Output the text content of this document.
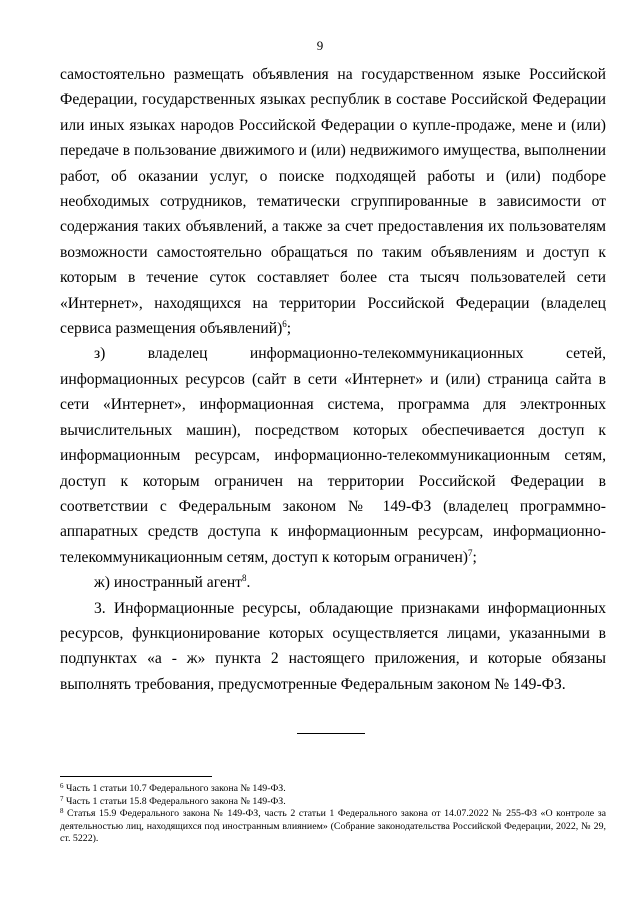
9

самостоятельно размещать объявления на государственном языке Российской Федерации, государственных языках республик в составе Российской Федерации или иных языках народов Российской Федерации о купле-продаже, мене и (или) передаче в пользование движимого и (или) недвижимого имущества, выполнении работ, об оказании услуг, о поиске подходящей работы и (или) подборе необходимых сотрудников, тематически сгруппированные в зависимости от содержания таких объявлений, а также за счет предоставления их пользователям возможности самостоятельно обращаться по таким объявлениям и доступ к которым в течение суток составляет более ста тысяч пользователей сети «Интернет», находящихся на территории Российской Федерации (владелец сервиса размещения объявлений)$^6$;

з) владелец информационно-телекоммуникационных сетей, информационных ресурсов (сайт в сети «Интернет» и (или) страница сайта в сети «Интернет», информационная система, программа для электронных вычислительных машин), посредством которых обеспечивается доступ к информационным ресурсам, информационно-телекоммуникационным сетям, доступ к которым ограничен на территории Российской Федерации в соответствии с Федеральным законом № 149-ФЗ (владелец программно-аппаратных средств доступа к информационным ресурсам, информационно-телекоммуникационным сетям, доступ к которым ограничен)$^7$;

ж) иностранный агент$^8$.

3. Информационные ресурсы, обладающие признаками информационных ресурсов, функционирование которых осуществляется лицами, указанными в подпунктах «а - ж» пункта 2 настоящего приложения, и которые обязаны выполнять требования, предусмотренные Федеральным законом № 149-ФЗ.

$^6$ Часть 1 статьи 10.7 Федерального закона № 149-ФЗ.

$^7$ Часть 1 статьи 15.8 Федерального закона № 149-ФЗ.

$^8$ Статья 15.9 Федерального закона № 149-ФЗ, часть 2 статьи 1 Федерального закона от 14.07.2022 № 255-ФЗ «О контроле за деятельностью лиц, находящихся под иностранным влиянием» (Собрание законодательства Российской Федерации, 2022, № 29, ст. 5222).
